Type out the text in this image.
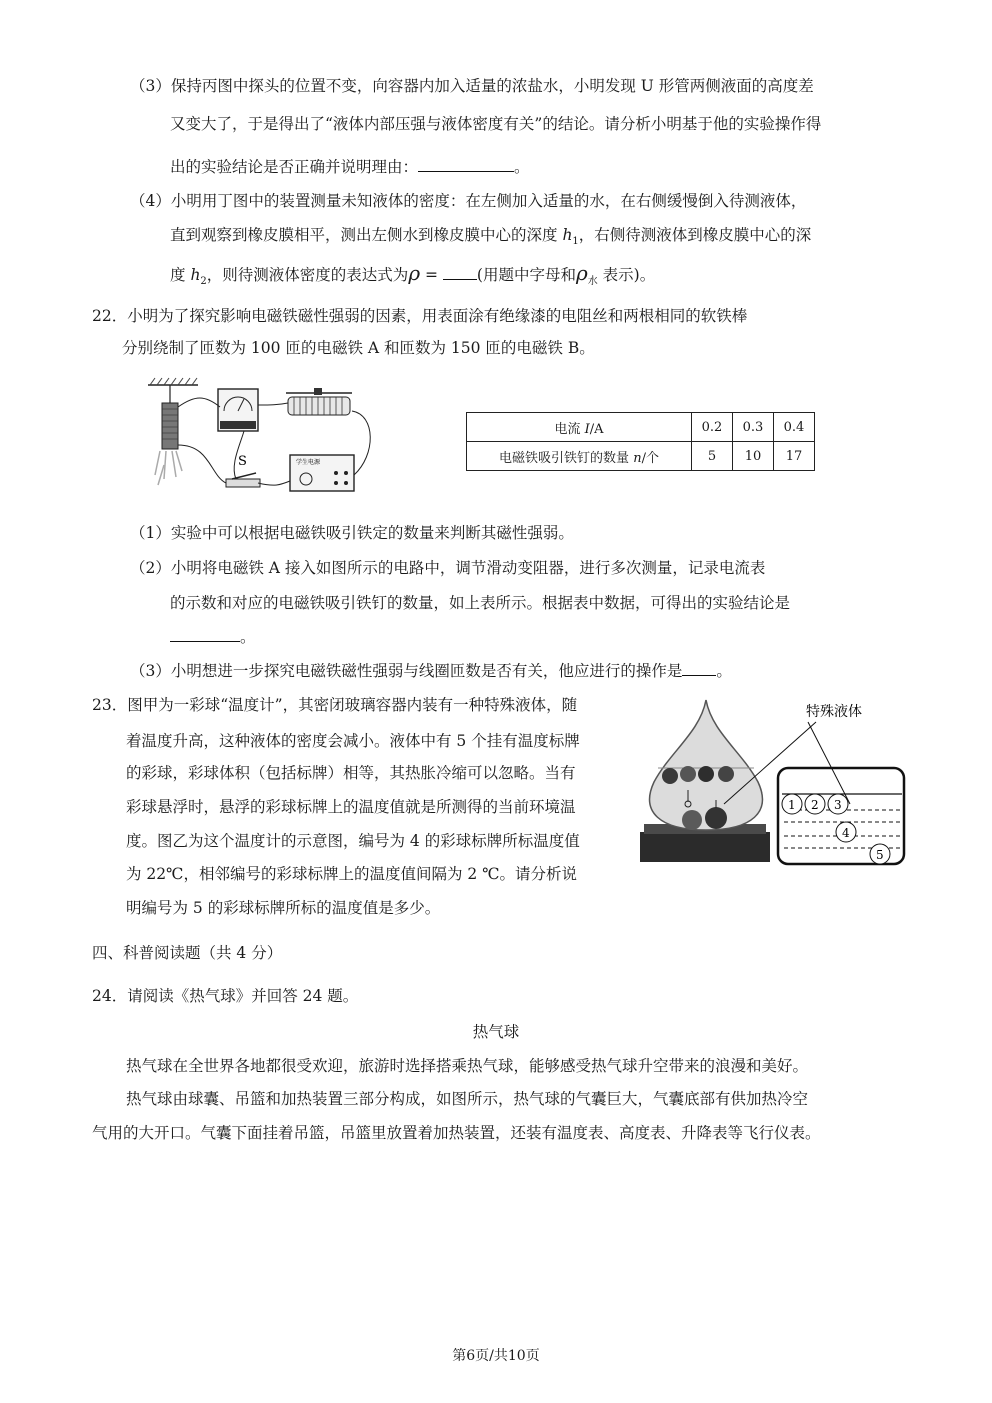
（3）保持丙图中探头的位置不变，向容器内加入适量的浓盐水，小明发现 U 形管两侧液面的高度差
又变大了，于是得出了“液体内部压强与液体密度有关”的结论。请分析小明基于他的实验操作得
出的实验结论是否正确并说明理由：	。
（4）小明用丁图中的装置测量未知液体的密度：在左侧加入适量的水，在右侧缓慢倒入待测液体，
直到观察到橡皮膜相平，测出左侧水到橡皮膜中心的深度 $h_1$，右侧待测液体到橡皮膜中心的深
度 $h_2$，则待测液体密度的表达式为ρ = (用题中字母和$\rho_水$ 表示)。
22．小明为了探究影响电磁铁磁性强弱的因素，用表面涂有绝缘漆的电阻丝和两根相同的软铁棒
分别绕制了匝数为 100 匝的电磁铁 A 和匝数为 150 匝的电磁铁 B。
学生电源
S
电流 I/A	0.2	0.3	0.4
电磁铁吸引铁钉的数量 n/个	5	10	17
（1）实验中可以根据电磁铁吸引铁定的数量来判断其磁性强弱。
（2）小明将电磁铁 A 接入如图所示的电路中，调节滑动变阻器，进行多次测量，记录电流表
的示数和对应的电磁铁吸引铁钉的数量，如上表所示。根据表中数据，可得出的实验结论是
。
（3）小明想进一步探究电磁铁磁性强弱与线圈匝数是否有关，他应进行的操作是 。
23．图甲为一彩球“温度计”，其密闭玻璃容器内装有一种特殊液体，随
着温度升高，这种液体的密度会减小。液体中有 5 个挂有温度标牌
的彩球，彩球体积（包括标牌）相等，其热胀冷缩可以忽略。当有
彩球悬浮时，悬浮的彩球标牌上的温度值就是所测得的当前环境温
度。图乙为这个温度计的示意图，编号为 4 的彩球标牌所标温度值
为 22℃，相邻编号的彩球标牌上的温度值间隔为 2 ℃。请分析说
明编号为 5 的彩球标牌所标的温度值是多少。
特殊液体
1 2 3
4
5
四、科普阅读题（共 4 分）
24．请阅读《热气球》并回答 24 题。
热气球
热气球在全世界各地都很受欢迎，旅游时选择搭乘热气球，能够感受热气球升空带来的浪漫和美好。
热气球由球囊、吊篮和加热装置三部分构成，如图所示，热气球的气囊巨大，气囊底部有供加热冷空
气用的大开口。气囊下面挂着吊篮，吊篮里放置着加热装置，还装有温度表、高度表、升降表等飞行仪表。
第6页/共10页
